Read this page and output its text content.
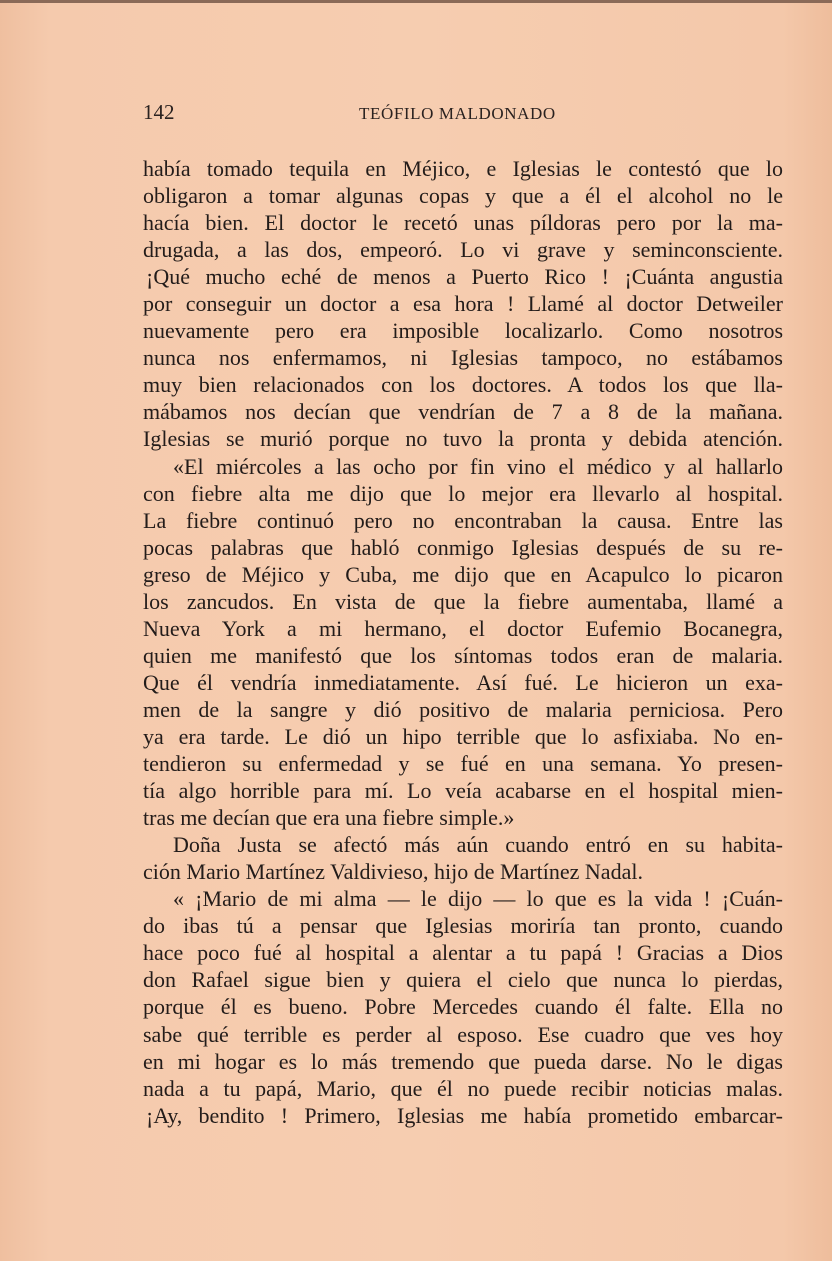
142	TEÓFILO MALDONADO
había tomado tequila en Méjico, e Iglesias le contestó que lo
obligaron a tomar algunas copas y que a él el alcohol no le
hacía bien. El doctor le recetó unas píldoras pero por la ma-
drugada, a las dos, empeoró. Lo vi grave y seminconsciente.
¡Qué mucho eché de menos a Puerto Rico ! ¡Cuánta angustia
por conseguir un doctor a esa hora ! Llamé al doctor Detweiler
nuevamente pero era imposible localizarlo. Como nosotros
nunca nos enfermamos, ni Iglesias tampoco, no estábamos
muy bien relacionados con los doctores. A todos los que lla-
mábamos nos decían que vendrían de 7 a 8 de la mañana.
Iglesias se murió porque no tuvo la pronta y debida atención.
«El miércoles a las ocho por fin vino el médico y al hallarlo
con fiebre alta me dijo que lo mejor era llevarlo al hospital.
La fiebre continuó pero no encontraban la causa. Entre las
pocas palabras que habló conmigo Iglesias después de su re-
greso de Méjico y Cuba, me dijo que en Acapulco lo picaron
los zancudos. En vista de que la fiebre aumentaba, llamé a
Nueva York a mi hermano, el doctor Eufemio Bocanegra,
quien me manifestó que los síntomas todos eran de malaria.
Que él vendría inmediatamente. Así fué. Le hicieron un exa-
men de la sangre y dió positivo de malaria perniciosa. Pero
ya era tarde. Le dió un hipo terrible que lo asfixiaba. No en-
tendieron su enfermedad y se fué en una semana. Yo presen-
tía algo horrible para mí. Lo veía acabarse en el hospital mien-
tras me decían que era una fiebre simple.»
Doña Justa se afectó más aún cuando entró en su habita-
ción Mario Martínez Valdivieso, hijo de Martínez Nadal.
« ¡Mario de mi alma — le dijo — lo que es la vida ! ¡Cuán-
do ibas tú a pensar que Iglesias moriría tan pronto, cuando
hace poco fué al hospital a alentar a tu papá ! Gracias a Dios
don Rafael sigue bien y quiera el cielo que nunca lo pierdas,
porque él es bueno. Pobre Mercedes cuando él falte. Ella no
sabe qué terrible es perder al esposo. Ese cuadro que ves hoy
en mi hogar es lo más tremendo que pueda darse. No le digas
nada a tu papá, Mario, que él no puede recibir noticias malas.
¡Ay, bendito ! Primero, Iglesias me había prometido embarcar-
